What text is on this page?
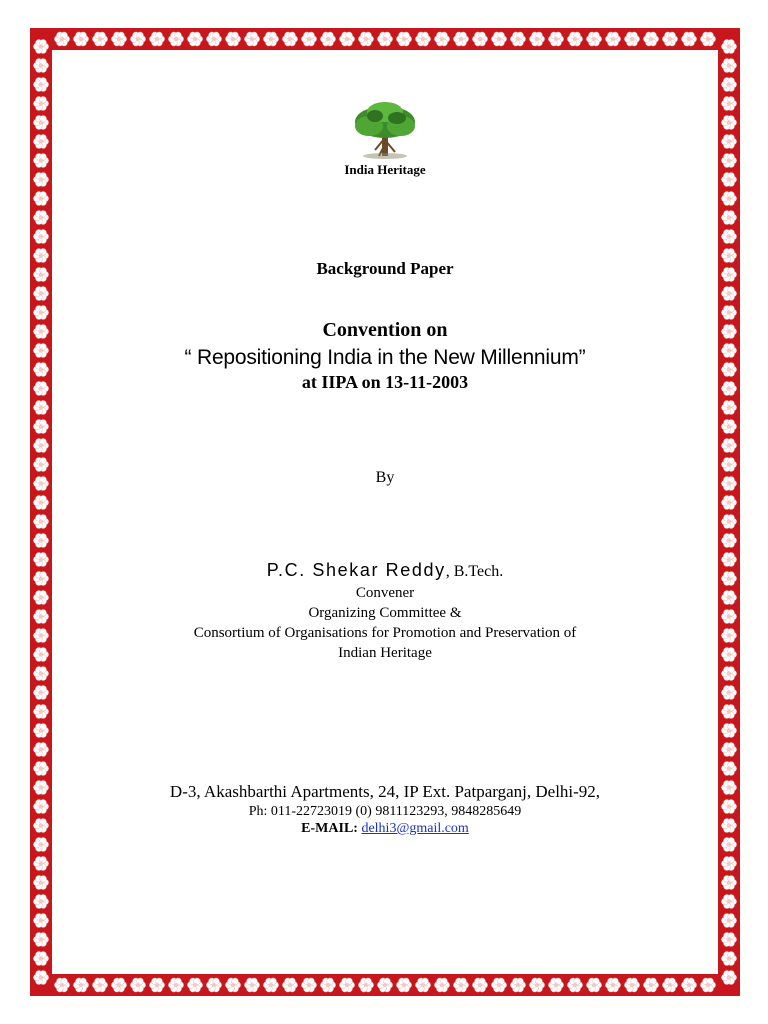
India Heritage
Background Paper
Convention on
“ Repositioning India in the New Millennium”
at IIPA on 13-11-2003
By
P.C. Shekar Reddy, B.Tech.
Convener
Organizing Committee &
Consortium of Organisations for Promotion and Preservation of
Indian Heritage
D-3, Akashbarthi Apartments, 24, IP Ext. Patparganj, Delhi-92,
Ph: 011-22723019 (0) 9811123293, 9848285649
E-MAIL: delhi3@gmail.com
